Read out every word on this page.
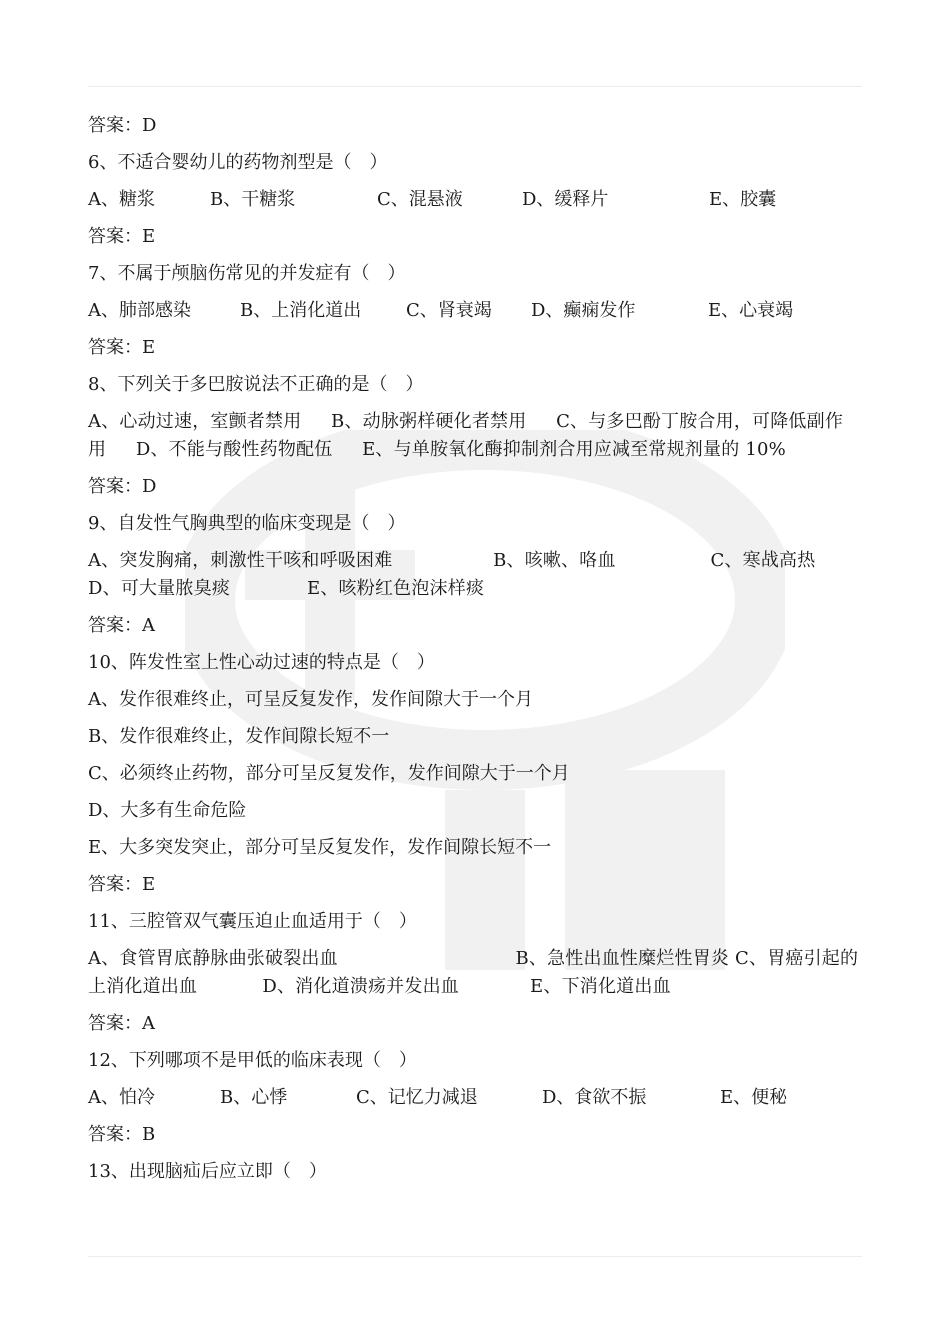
答案：D

6、不适合婴幼儿的药物剂型是（　）

A、糖浆	B、干糖浆	C、混悬液	D、缓释片	E、胶囊

答案：E

7、不属于颅脑伤常见的并发症有（　）

A、肺部感染	B、上消化道出	C、肾衰竭	D、癫痫发作	E、心衰竭

答案：E

8、下列关于多巴胺说法不正确的是（　）

A、心动过速，室颤者禁用 B、动脉粥样硬化者禁用 C、与多巴酚丁胺合用，可降低副作用 D、不能与酸性药物配伍 E、与单胺氧化酶抑制剂合用应减至常规剂量的 10%

答案：D

9、自发性气胸典型的临床变现是（　）

A、突发胸痛，刺激性干咳和呼吸困难	B、咳嗽、咯血	C、寒战高热       D、可大量脓臭痰	E、咳粉红色泡沫样痰

答案：A

10、阵发性室上性心动过速的特点是（　）

A、发作很难终止，可呈反复发作，发作间隙大于一个月

B、发作很难终止，发作间隙长短不一

C、必须终止药物，部分可呈反复发作，发作间隙大于一个月

D、大多有生命危险

E、大多突发突止，部分可呈反复发作，发作间隙长短不一

答案：E

11、三腔管双气囊压迫止血适用于（　）

A、食管胃底静脉曲张破裂出血	B、急性出血性糜烂性胃炎 C、胃癌引起的上消化道出血	D、消化道溃疡并发出血	E、下消化道出血

答案：A

12、下列哪项不是甲低的临床表现（　）

A、怕冷	B、心悸	C、记忆力减退	D、食欲不振	E、便秘

答案：B

13、出现脑疝后应立即（　）
